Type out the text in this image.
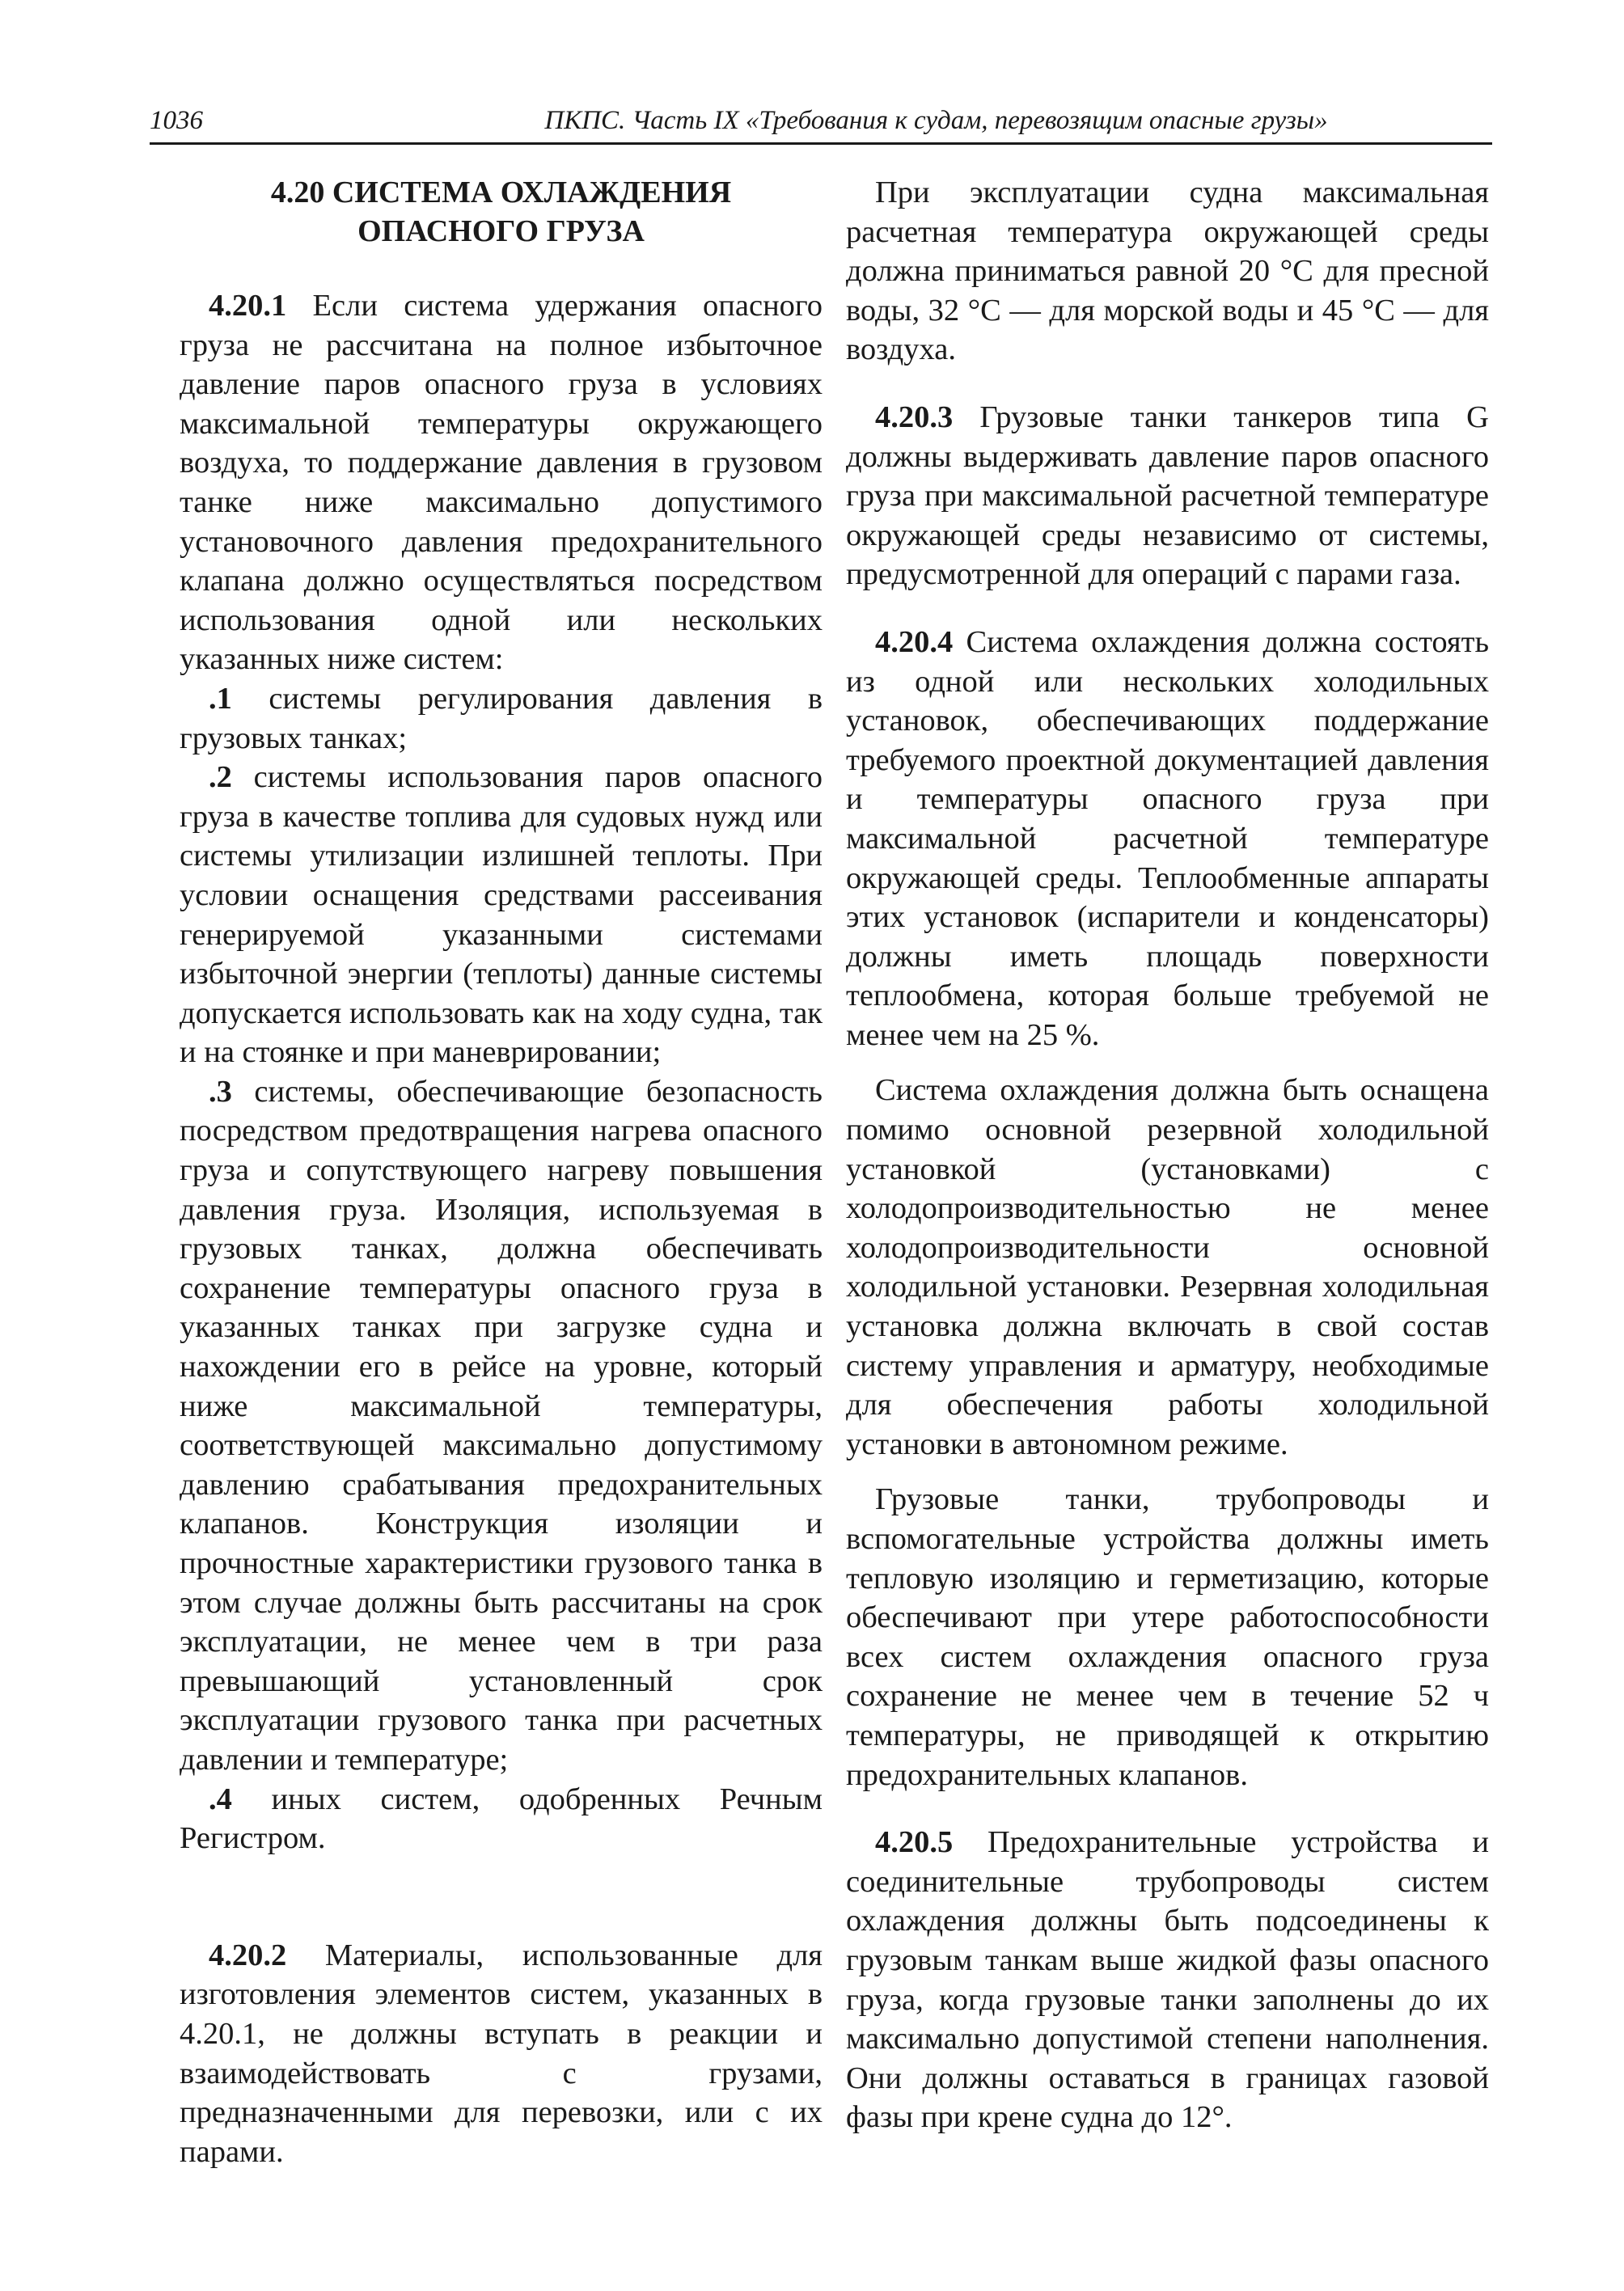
1036	ПКПС. Часть IX «Требования к судам, перевозящим опасные грузы»
4.20 СИСТЕМА ОХЛАЖДЕНИЯ
ОПАСНОГО ГРУЗА

4.20.1 Если система удержания опасного груза не рассчитана на полное избыточное давление паров опасного груза в условиях максимальной температуры окружающего воздуха, то поддержание давления в грузовом танке ниже максимально допустимого установочного давления предохранительного клапана должно осуществляться посредством использования одной или нескольких указанных ниже систем:

.1 системы регулирования давления в грузовых танках;

.2 системы использования паров опасного груза в качестве топлива для судовых нужд или системы утилизации излишней теплоты. При условии оснащения средствами рассеивания генерируемой указанными системами избыточной энергии (теплоты) данные системы допускается использовать как на ходу судна, так и на стоянке и при маневрировании;

.3 системы, обеспечивающие безопасность посредством предотвращения нагрева опасного груза и сопутствующего нагреву повышения давления груза. Изоляция, используемая в грузовых танках, должна обеспечивать сохранение температуры опасного груза в указанных танках при загрузке судна и нахождении его в рейсе на уровне, который ниже максимальной температуры, соответствующей максимально допустимому давлению срабатывания предохранительных клапанов. Конструкция изоляции и прочностные характеристики грузового танка в этом случае должны быть рассчитаны на срок эксплуатации, не менее чем в три раза превышающий установленный срок эксплуатации грузового танка при расчетных давлении и температуре;

.4 иных систем, одобренных Речным Регистром.

4.20.2 Материалы, использованные для изготовления элементов систем, указанных в 4.20.1, не должны вступать в реакции и взаимодействовать с грузами, предназначенными для перевозки, или с их парами.

При эксплуатации судна максимальная расчетная температура окружающей среды должна приниматься равной 20 °С для пресной воды, 32 °С — для морской воды и 45 °С — для воздуха.

4.20.3 Грузовые танки танкеров типа G должны выдерживать давление паров опасного груза при максимальной расчетной температуре окружающей среды независимо от системы, предусмотренной для операций с парами газа.

4.20.4 Система охлаждения должна состоять из одной или нескольких холодильных установок, обеспечивающих поддержание требуемого проектной документацией давления и температуры опасного груза при максимальной расчетной температуре окружающей среды. Теплообменные аппараты этих установок (испарители и конденсаторы) должны иметь площадь поверхности теплообмена, которая больше требуемой не менее чем на 25 %.

Система охлаждения должна быть оснащена помимо основной резервной холодильной установкой (установками) с холодопроизводительностью не менее холодопроизводительности основной холодильной установки. Резервная холодильная установка должна включать в свой состав систему управления и арматуру, необходимые для обеспечения работы холодильной установки в автономном режиме.

Грузовые танки, трубопроводы и вспомогательные устройства должны иметь тепловую изоляцию и герметизацию, которые обеспечивают при утере работоспособности всех систем охлаждения опасного груза сохранение не менее чем в течение 52 ч температуры, не приводящей к открытию предохранительных клапанов.

4.20.5 Предохранительные устройства и соединительные трубопроводы систем охлаждения должны быть подсоединены к грузовым танкам выше жидкой фазы опасного груза, когда грузовые танки заполнены до их максимально допустимой степени наполнения. Они должны оставаться в границах газовой фазы при крене судна до 12°.
